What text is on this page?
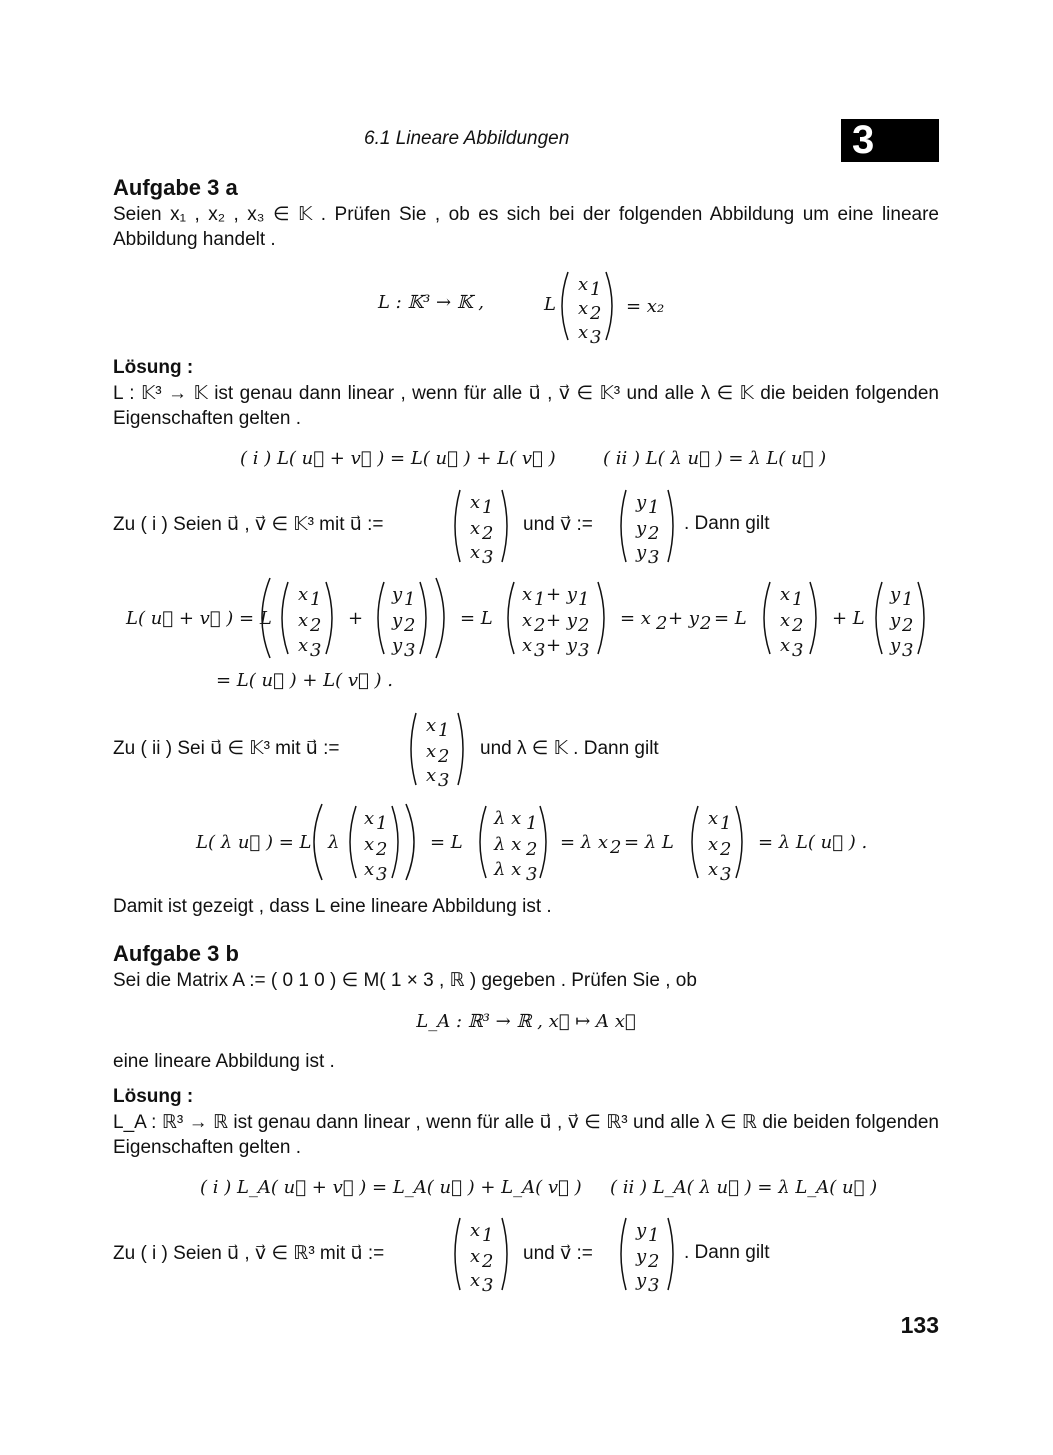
6.1 Lineare Abbildungen	3
Aufgabe 3 a
Seien x₁ , x₂ , x₃ ∈ 𝕂 . Prüfen Sie , ob es sich bei der folgenden Abbildung um eine lineare Abbildung handelt .
L : 𝕂³ → 𝕂 ,	L
x 1
x 2
x 3
= x₂
Lösung :
L : 𝕂³ → 𝕂 ist genau dann linear , wenn für alle u⃗ , v⃗ ∈ 𝕂³ und alle λ ∈ 𝕂 die beiden folgenden Eigenschaften gelten .
( i ) L( u⃗ + v⃗ ) = L( u⃗ ) + L( v⃗ )	( ii ) L( λ u⃗ ) = λ L( u⃗ )
Zu ( i ) Seien u⃗ , v⃗ ∈ 𝕂³ mit u⃗ :=
x 1
x 2
x 3
und v⃗ :=
y 1
y 2
y 3
. Dann gilt
L( u⃗ + v⃗ ) = L
x 1
x 2
x 3
+
y 1
y 2
y 3
= L
x 1 + y 1
x 2 + y 2
x 3 + y 3
= x 2 + y 2 = L
x 1
x 2
x 3
+ L
y 1
y 2
y 3
= L( u⃗ ) + L( v⃗ ) .
Zu ( ii ) Sei u⃗ ∈ 𝕂³ mit u⃗ :=
x 1
x 2
x 3
und λ ∈ 𝕂 . Dann gilt
L( λ u⃗ ) = L λ
x 1
x 2
x 3
= L
λ x 1
λ x 2
λ x 3
= λ x 2 = λ L
x 1
x 2
x 3
= λ L( u⃗ ) .
Damit ist gezeigt , dass L eine lineare Abbildung ist .
Aufgabe 3 b
Sei die Matrix A := ( 0 1 0 ) ∈ M( 1 × 3 , ℝ ) gegeben . Prüfen Sie , ob
L_A : ℝ³ → ℝ , x⃗ ↦ A x⃗
eine lineare Abbildung ist .
Lösung :
L_A : ℝ³ → ℝ ist genau dann linear , wenn für alle u⃗ , v⃗ ∈ ℝ³ und alle λ ∈ ℝ die beiden folgenden Eigenschaften gelten .
( i ) L_A( u⃗ + v⃗ ) = L_A( u⃗ ) + L_A( v⃗ ) ( ii ) L_A( λ u⃗ ) = λ L_A( u⃗ )
Zu ( i ) Seien u⃗ , v⃗ ∈ ℝ³ mit u⃗ :=
x 1
x 2
x 3
und v⃗ :=
y 1
y 2
y 3
. Dann gilt
133
